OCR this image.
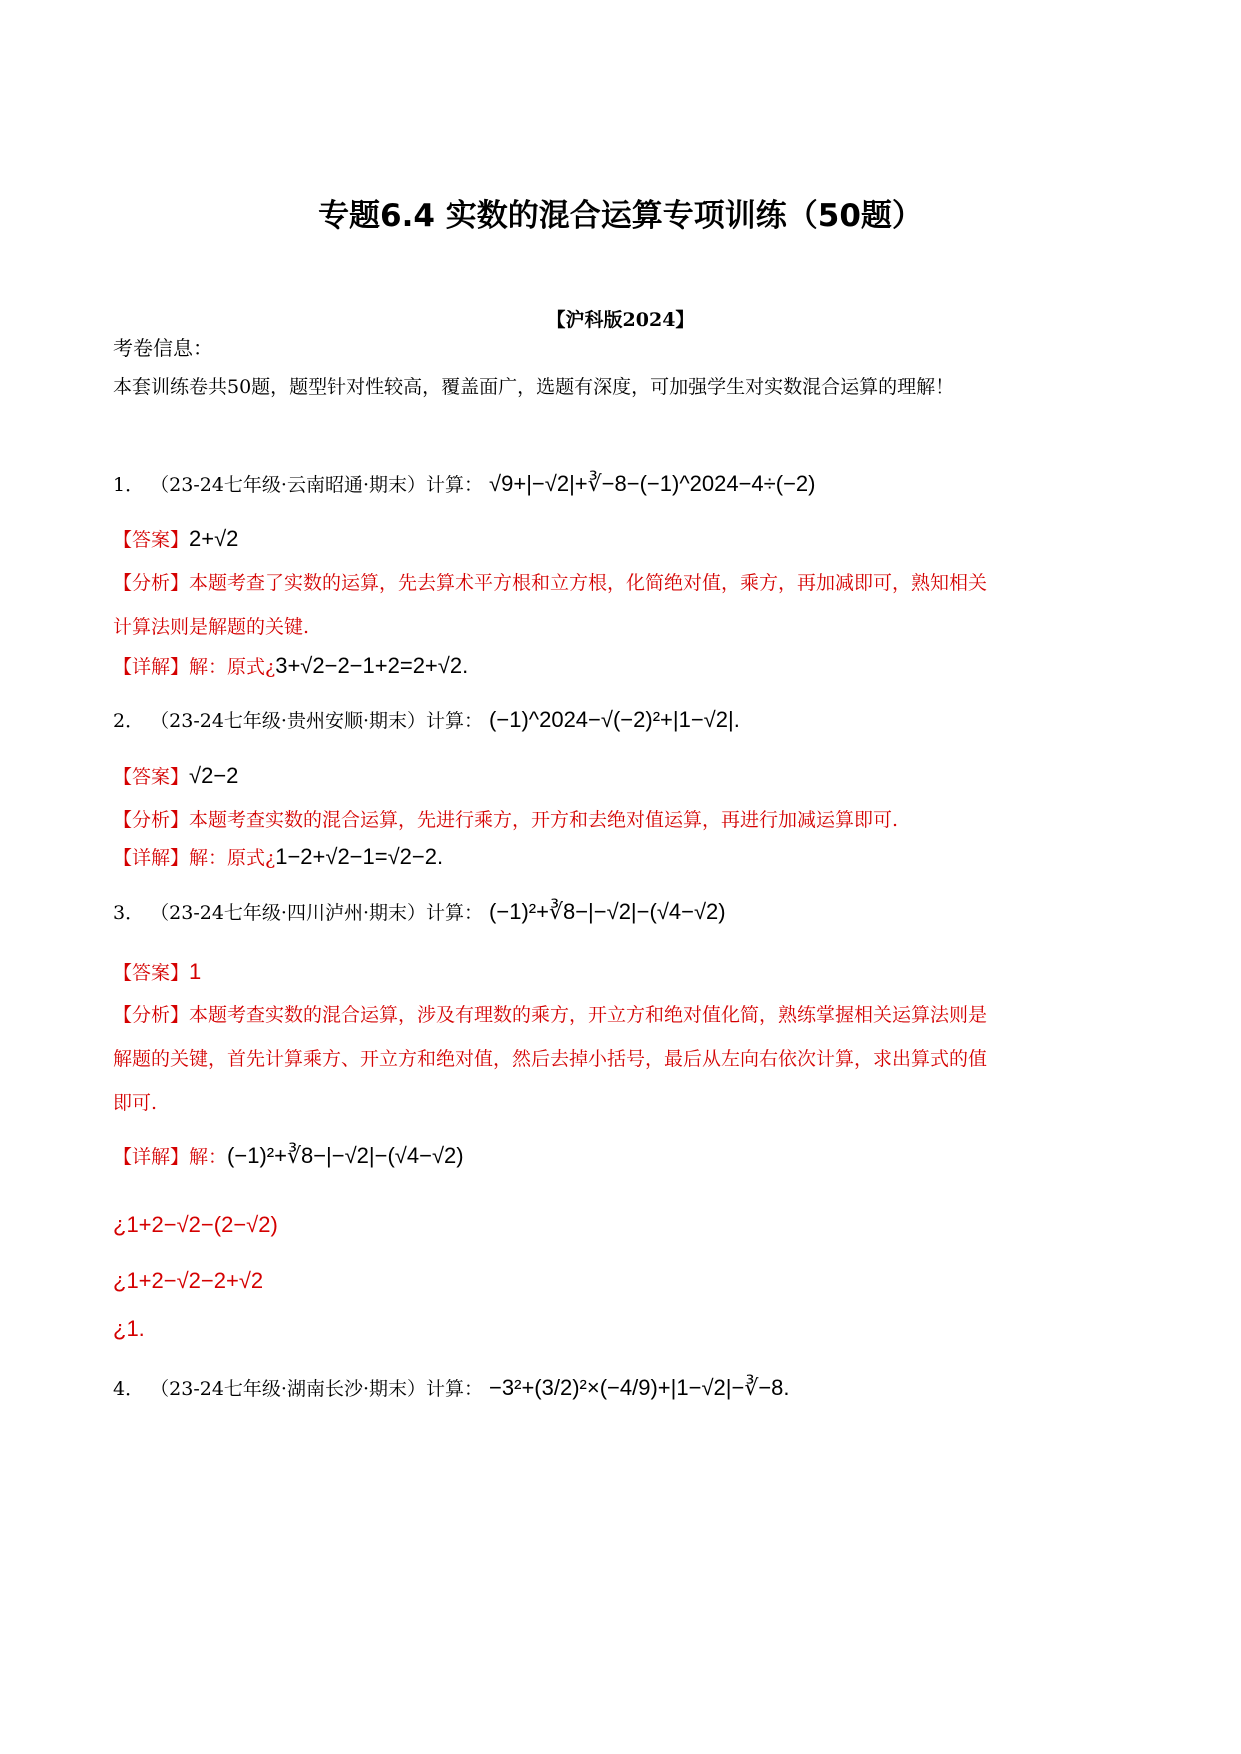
专题6.4 实数的混合运算专项训练（50题）
【沪科版2024】
考卷信息：
本套训练卷共50题，题型针对性较高，覆盖面广，选题有深度，可加强学生对实数混合运算的理解！
1． （23-24七年级·云南昭通·期末）计算： √9+|−√2|+∛−8−(−1)^2024−4÷(−2)
【答案】2+√2
【分析】本题考查了实数的运算，先去算术平方根和立方根，化简绝对值，乘方，再加减即可，熟知相关
计算法则是解题的关键.
【详解】解：原式¿3+√2−2−1+2=2+√2.
2． （23-24七年级·贵州安顺·期末）计算： (−1)^2024−√(−2)²+|1−√2|.
【答案】√2−2
【分析】本题考查实数的混合运算，先进行乘方，开方和去绝对值运算，再进行加减运算即可.
【详解】解：原式¿1−2+√2−1=√2−2.
3． （23-24七年级·四川泸州·期末）计算： (−1)²+∛8−|−√2|−(√4−√2)
【答案】1
【分析】本题考查实数的混合运算，涉及有理数的乘方，开立方和绝对值化简，熟练掌握相关运算法则是
解题的关键，首先计算乘方、开立方和绝对值，然后去掉小括号，最后从左向右依次计算，求出算式的值
即可.
【详解】解：(−1)²+∛8−|−√2|−(√4−√2)
¿1+2−√2−(2−√2)
¿1+2−√2−2+√2
¿1.
4． （23-24七年级·湖南长沙·期末）计算： −3²+(3/2)²×(−4/9)+|1−√2|−∛−8.
